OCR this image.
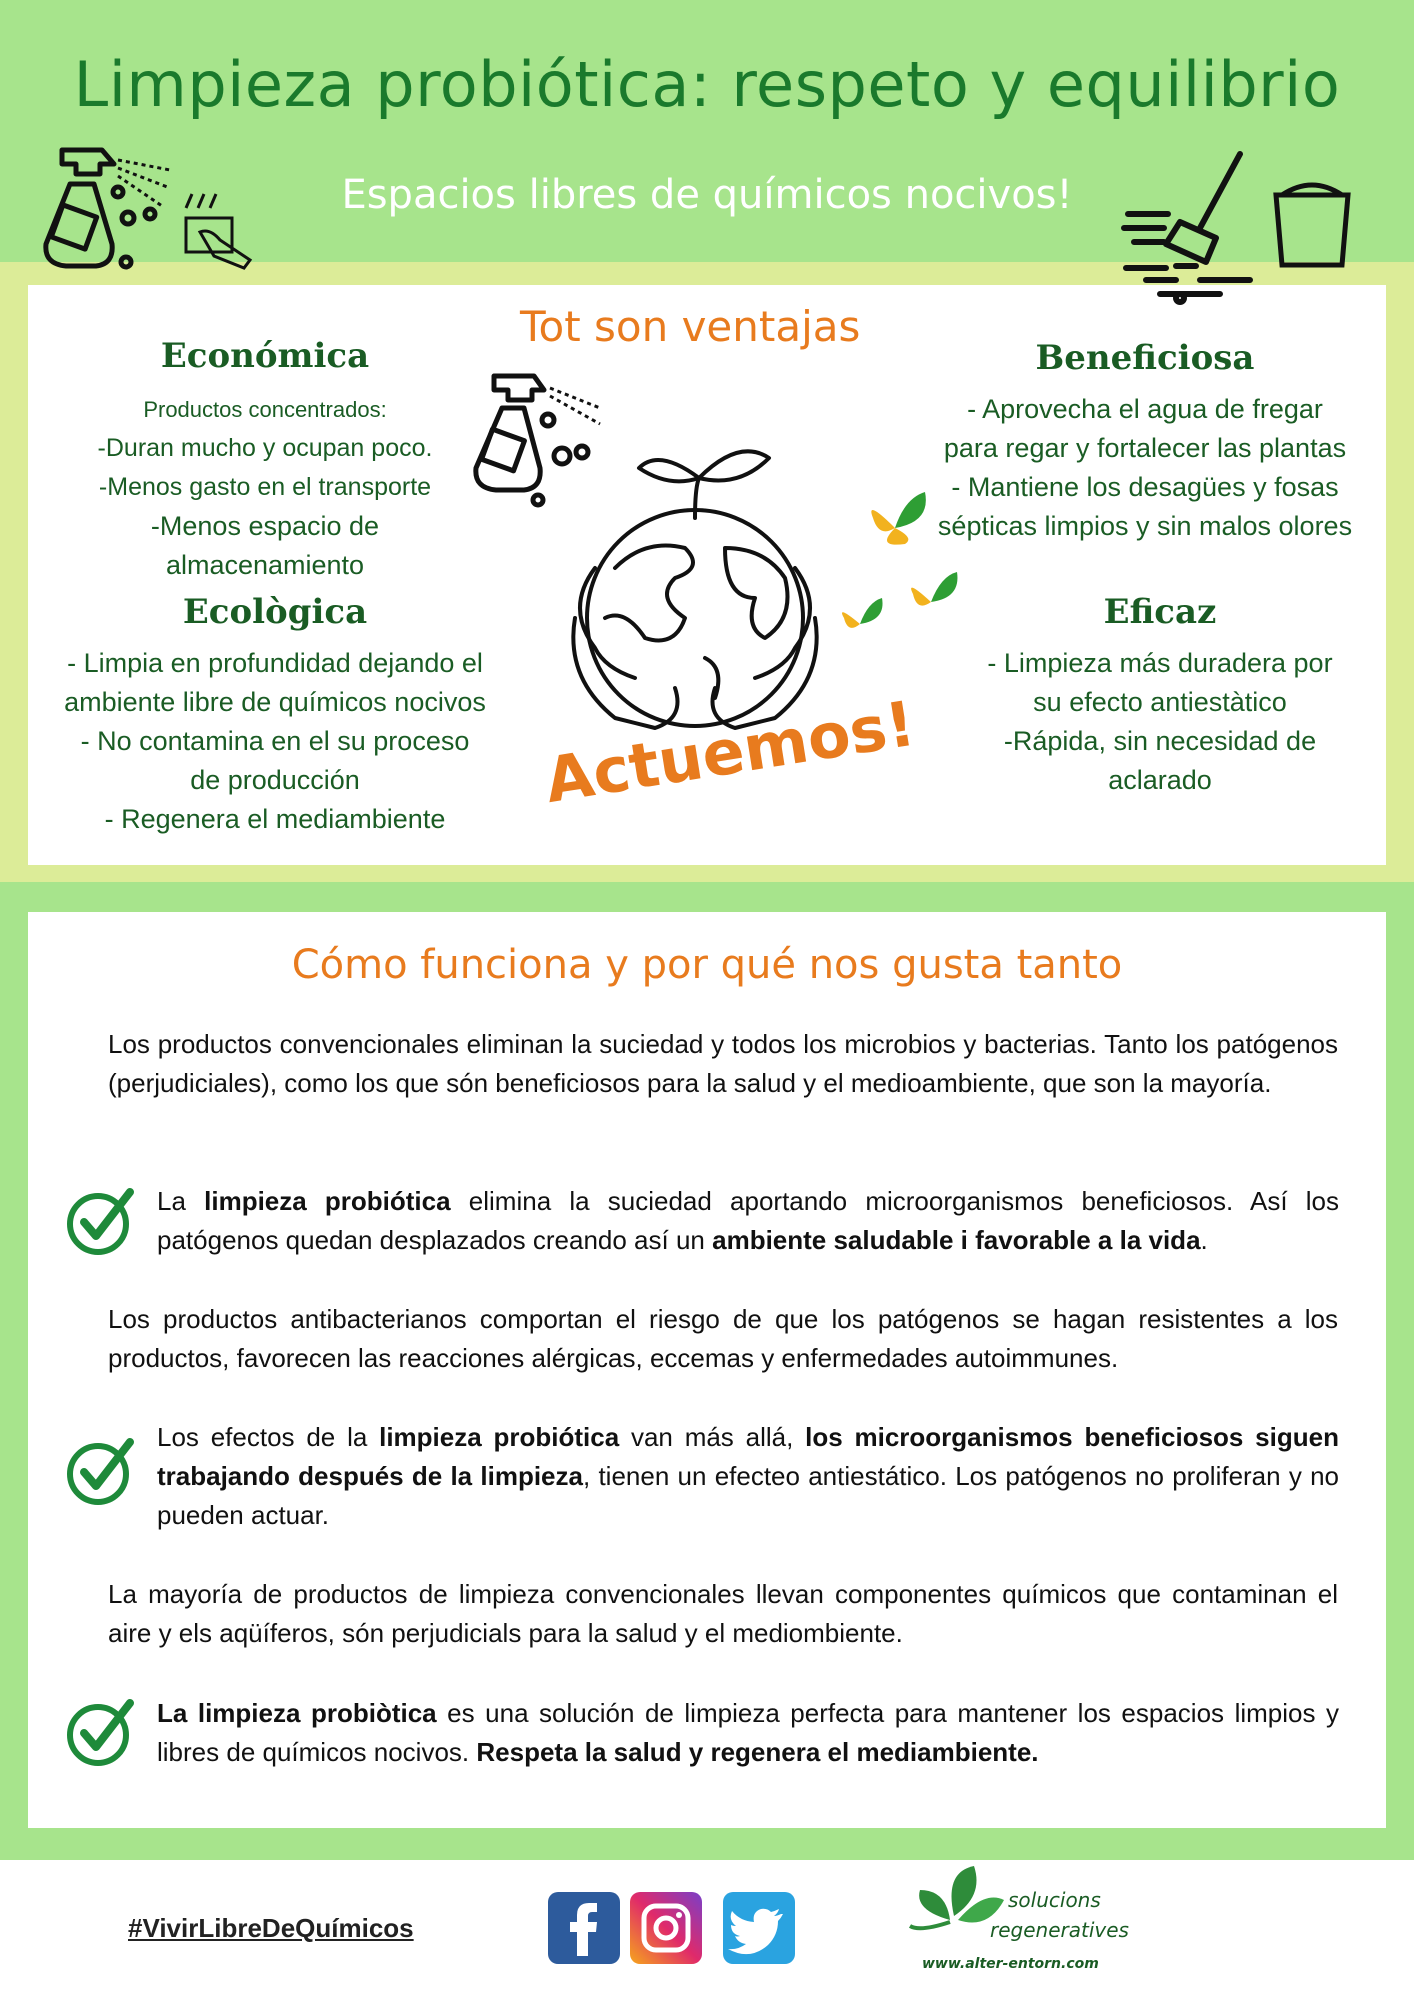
Limpieza probiótica: respeto y equilibrio
Espacios libres de químicos nocivos!
Tot son ventajas
Económica

Productos concentrados:

-Duran mucho y ocupan poco.

-Menos gasto en el transporte

-Menos espacio de

almacenamiento

Beneficiosa

- Aprovecha el agua de fregar

para regar y fortalecer las plantas

- Mantiene los desagües y fosas

sépticas limpios y sin malos olores

Ecològica

- Limpia en profundidad dejando el

ambiente libre de químicos nocivos

- No contamina en el su proceso

de producción

- Regenera el mediambiente

Eficaz

- Limpieza más duradera por

su efecto antiestàtico

-Rápida, sin necesidad de

aclarado

Actuemos!
Cómo funciona y por qué nos gusta tanto
Los productos convencionales eliminan la suciedad y todos los microbios y bacterias. Tanto los patógenos (perjudiciales), como los que són beneficiosos para la salud y el medioambiente, que son la mayoría.
La limpieza probiótica elimina la suciedad aportando microorganismos beneficiosos. Así los patógenos quedan desplazados creando así un ambiente saludable i favorable a la vida.
Los productos antibacterianos comportan el riesgo de que los patógenos se hagan resistentes a los productos, favorecen las reacciones alérgicas, eccemas y enfermedades autoimmunes.
Los efectos de la limpieza probiótica van más allá, los microorganismos beneficiosos siguen trabajando después de la limpieza, tienen un efecteo antiestático. Los patógenos no proliferan y no pueden actuar.
La mayoría de productos de limpieza convencionales llevan componentes químicos que contaminan el aire y els aqüíferos, són perjudicials para la salud y el mediombiente.
La limpieza probiòtica es una solución de limpieza perfecta para mantener los espacios limpios y libres de químicos nocivos. Respeta la salud y regenera el mediambiente.
#VivirLibreDeQuímicos
solucions
regeneratives
www.alter-entorn.com
